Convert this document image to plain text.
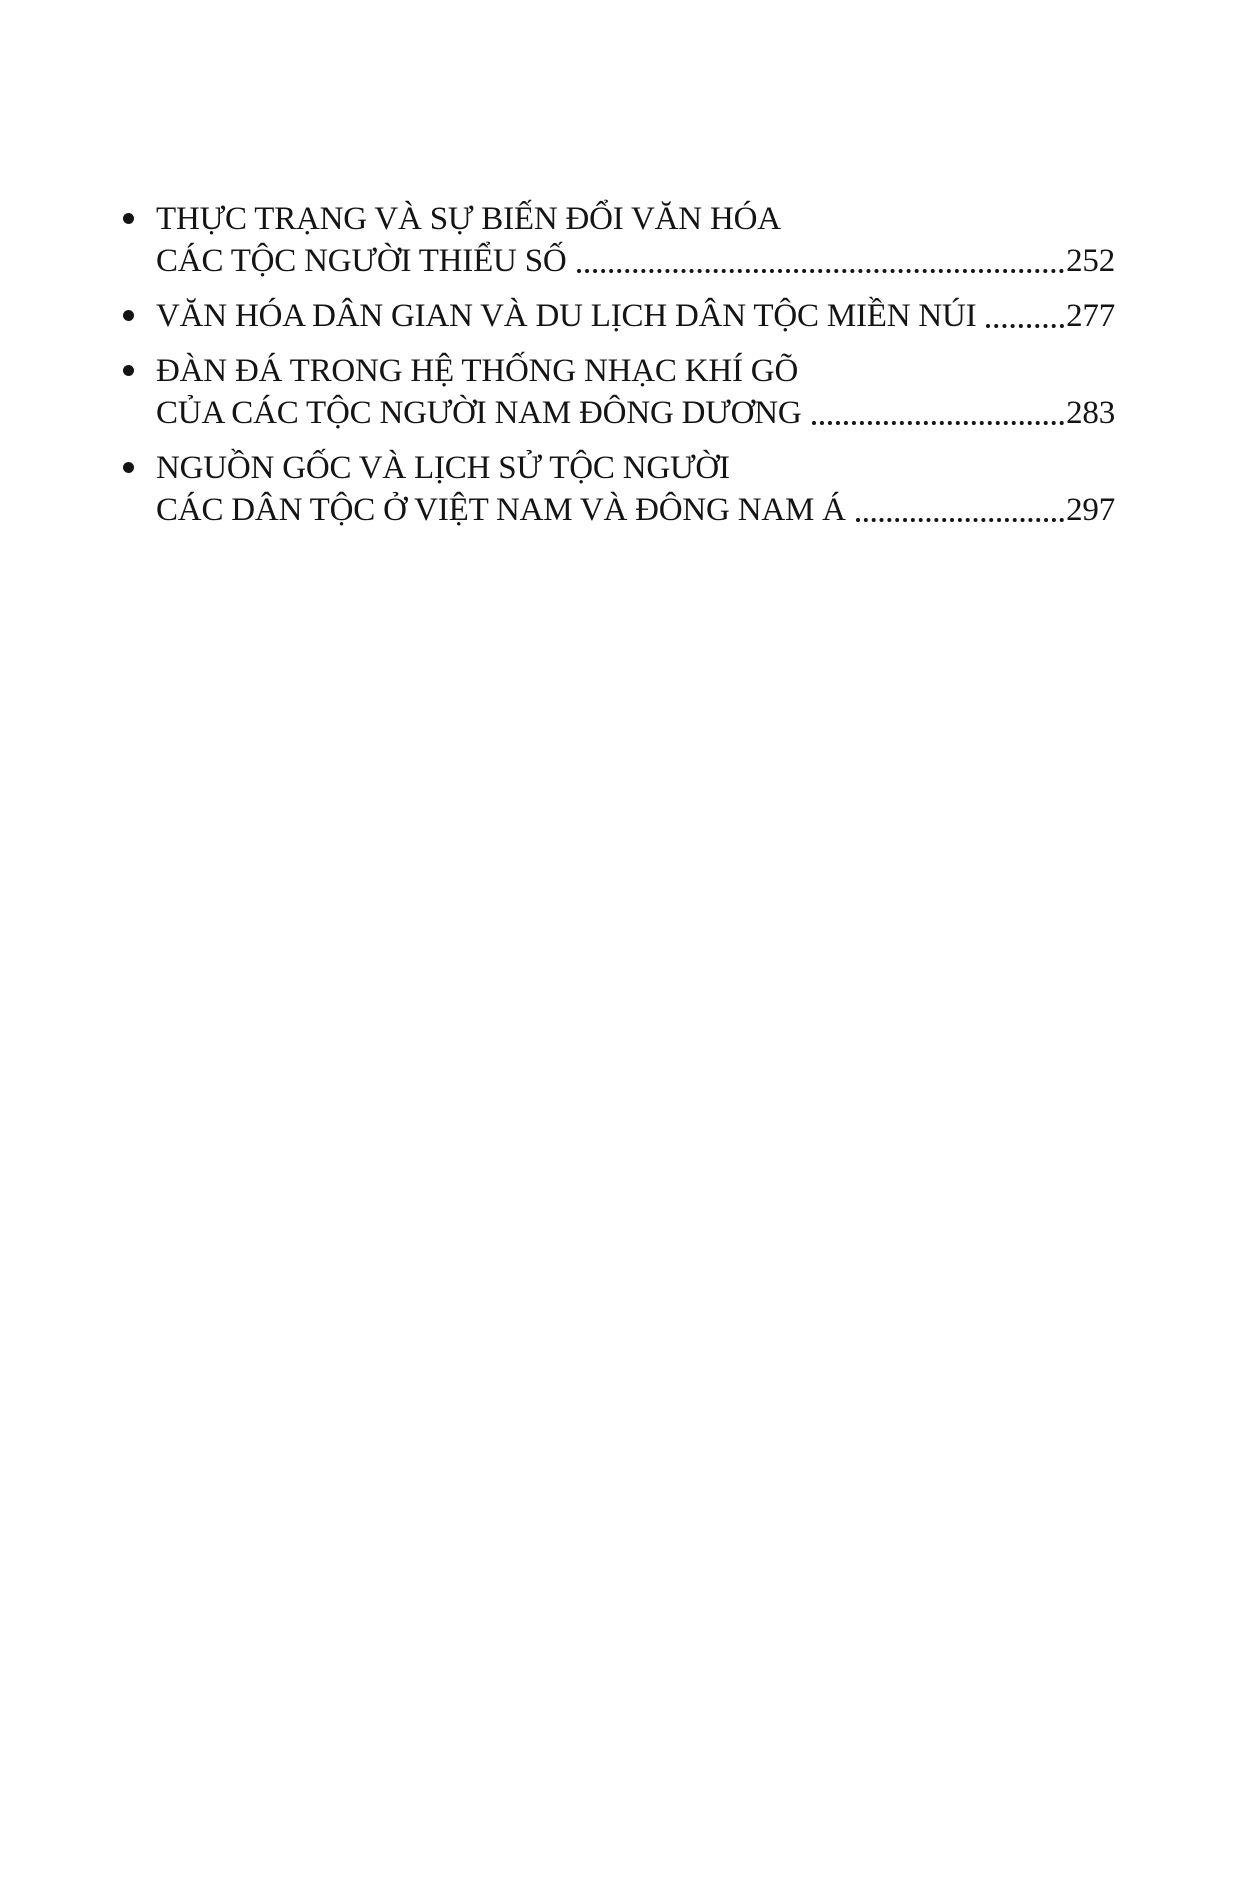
THỰC TRẠNG VÀ SỰ BIẾN ĐỔI VĂN HÓA
CÁC TỘC NGƯỜI THIỂU SỐ	252
VĂN HÓA DÂN GIAN VÀ DU LỊCH DÂN TỘC MIỀN NÚI	277
ĐÀN ĐÁ TRONG HỆ THỐNG NHẠC KHÍ GÕ
CỦA CÁC TỘC NGƯỜI NAM ĐÔNG DƯƠNG	283
NGUỒN GỐC VÀ LỊCH SỬ TỘC NGƯỜI
CÁC DÂN TỘC Ở VIỆT NAM VÀ ĐÔNG NAM Á	297
